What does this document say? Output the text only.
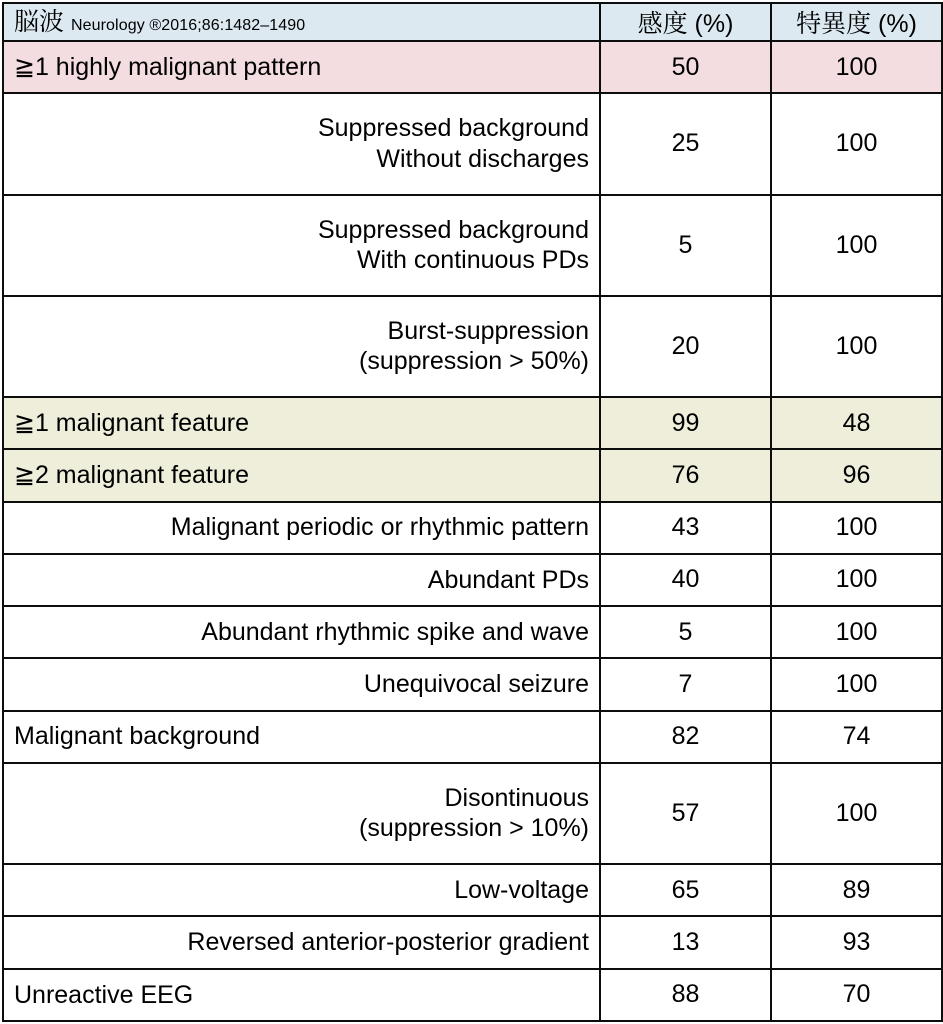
脳波 Neurology ®2016;86:1482–1490	感度 (%)	特異度 (%)
≧1 highly malignant pattern	50	100
Suppressed background
Without discharges	25	100
Suppressed background
With continuous PDs	5	100
Burst-suppression
(suppression > 50%)	20	100
≧1 malignant feature	99	48
≧2 malignant feature	76	96
Malignant periodic or rhythmic pattern	43	100
Abundant PDs	40	100
Abundant rhythmic spike and wave	5	100
Unequivocal seizure	7	100
Malignant background	82	74
Disontinuous
(suppression > 10%)	57	100
Low-voltage	65	89
Reversed anterior-posterior gradient	13	93
Unreactive EEG	88	70
